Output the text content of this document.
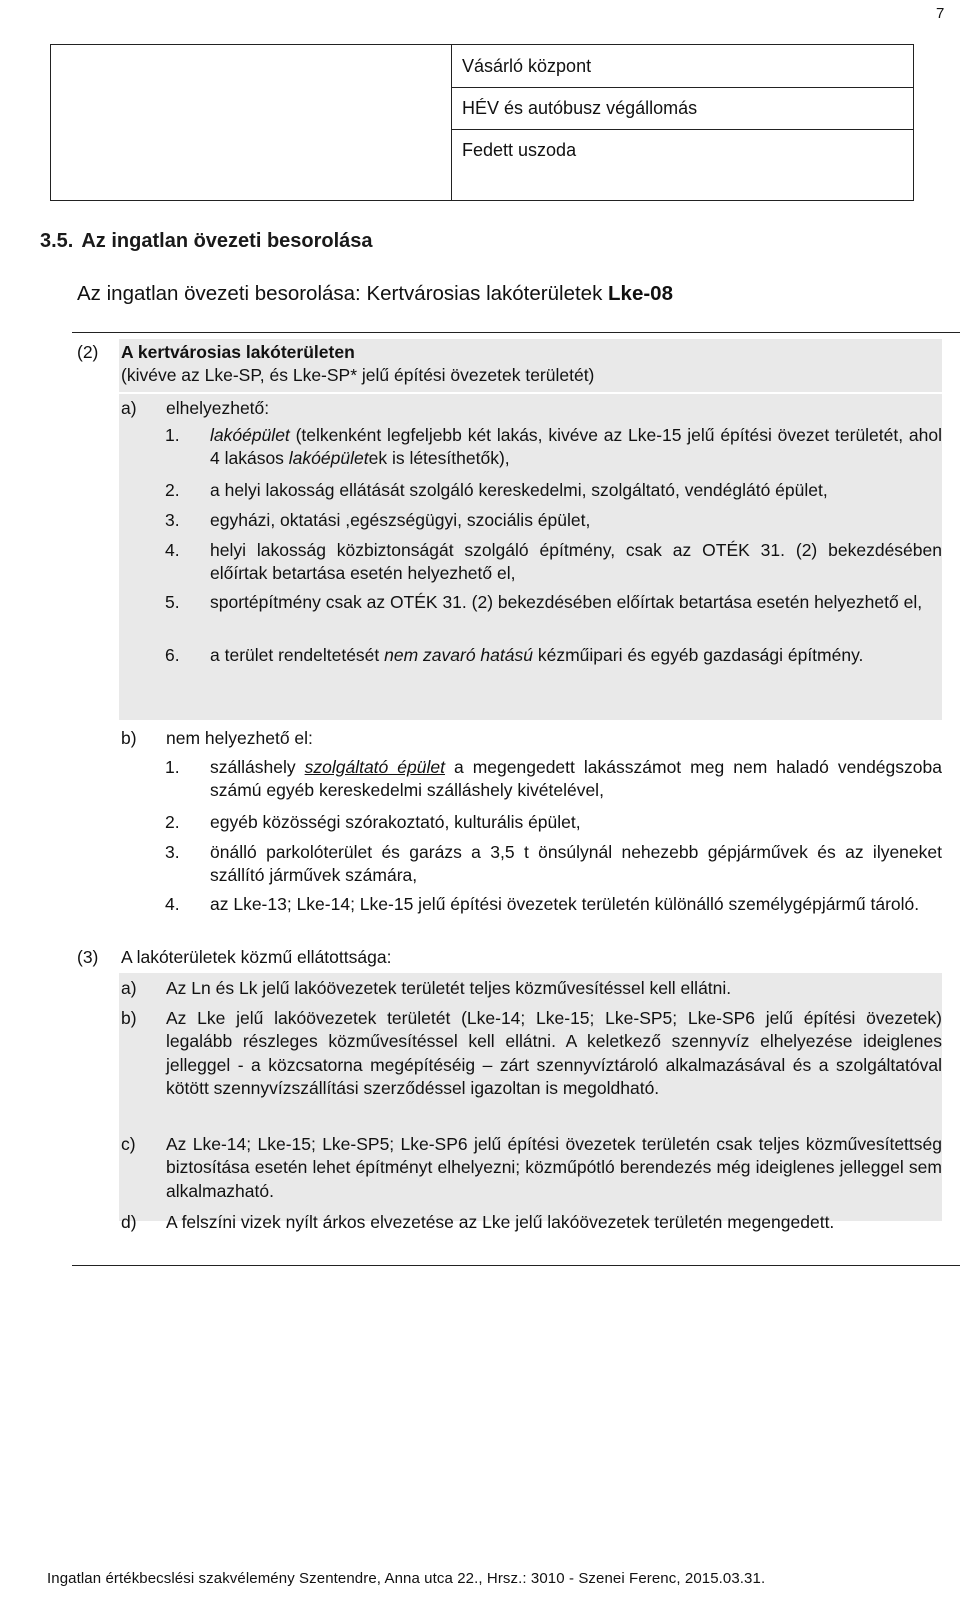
7
Vásárló központ
HÉV és autóbusz végállomás
Fedett uszoda
3.5. Az ingatlan övezeti besorolása
Az ingatlan övezeti besorolása: Kertvárosias lakóterületek Lke-08
(2) A kertvárosias lakóterületen
(kivéve az Lke-SP, és Lke-SP* jelű építési övezetek területét)
a) elhelyezhető:
1. lakóépület (telkenként legfeljebb két lakás, kivéve az Lke-15 jelű építési övezet területét, ahol 4 lakásos lakóépületek is létesíthetők),
2. a helyi lakosság ellátását szolgáló kereskedelmi, szolgáltató, vendéglátó épület,
3. egyházi, oktatási ,egészségügyi, szociális épület,
4. helyi lakosság közbiztonságát szolgáló építmény, csak az OTÉK 31. (2) bekezdésében előírtak betartása esetén helyezhető el,
5. sportépítmény csak az OTÉK 31. (2) bekezdésében előírtak betartása esetén helyezhető el,
6. a terület rendeltetését nem zavaró hatású kézműipari és egyéb gazdasági építmény.
b) nem helyezhető el:
1. szálláshely szolgáltató épület a megengedett lakásszámot meg nem haladó vendégszoba számú egyéb kereskedelmi szálláshely kivételével,
2. egyéb közösségi szórakoztató, kulturális épület,
3. önálló parkolóterület és garázs a 3,5 t önsúlynál nehezebb gépjárművek és az ilyeneket szállító járművek számára,
4. az Lke-13; Lke-14; Lke-15 jelű építési övezetek területén különálló személygépjármű tároló.
(3) A lakóterületek közmű ellátottsága:
a) Az Ln és Lk jelű lakóövezetek területét teljes közművesítéssel kell ellátni.
b) Az Lke jelű lakóövezetek területét (Lke-14; Lke-15; Lke-SP5; Lke-SP6 jelű építési övezetek) legalább részleges közművesítéssel kell ellátni. A keletkező szennyvíz elhelyezése ideiglenes jelleggel - a közcsatorna megépítéséig – zárt szennyvíztároló alkalmazásával és a szolgáltatóval kötött szennyvízszállítási szerződéssel igazoltan is megoldható.
c) Az Lke-14; Lke-15; Lke-SP5; Lke-SP6 jelű építési övezetek területén csak teljes közművesítettség biztosítása esetén lehet építményt elhelyezni; közműpótló berendezés még ideiglenes jelleggel sem alkalmazható.
d) A felszíni vizek nyílt árkos elvezetése az Lke jelű lakóövezetek területén megengedett.
Ingatlan értékbecslési szakvélemény Szentendre, Anna utca 22., Hrsz.: 3010 - Szenei Ferenc, 2015.03.31.
